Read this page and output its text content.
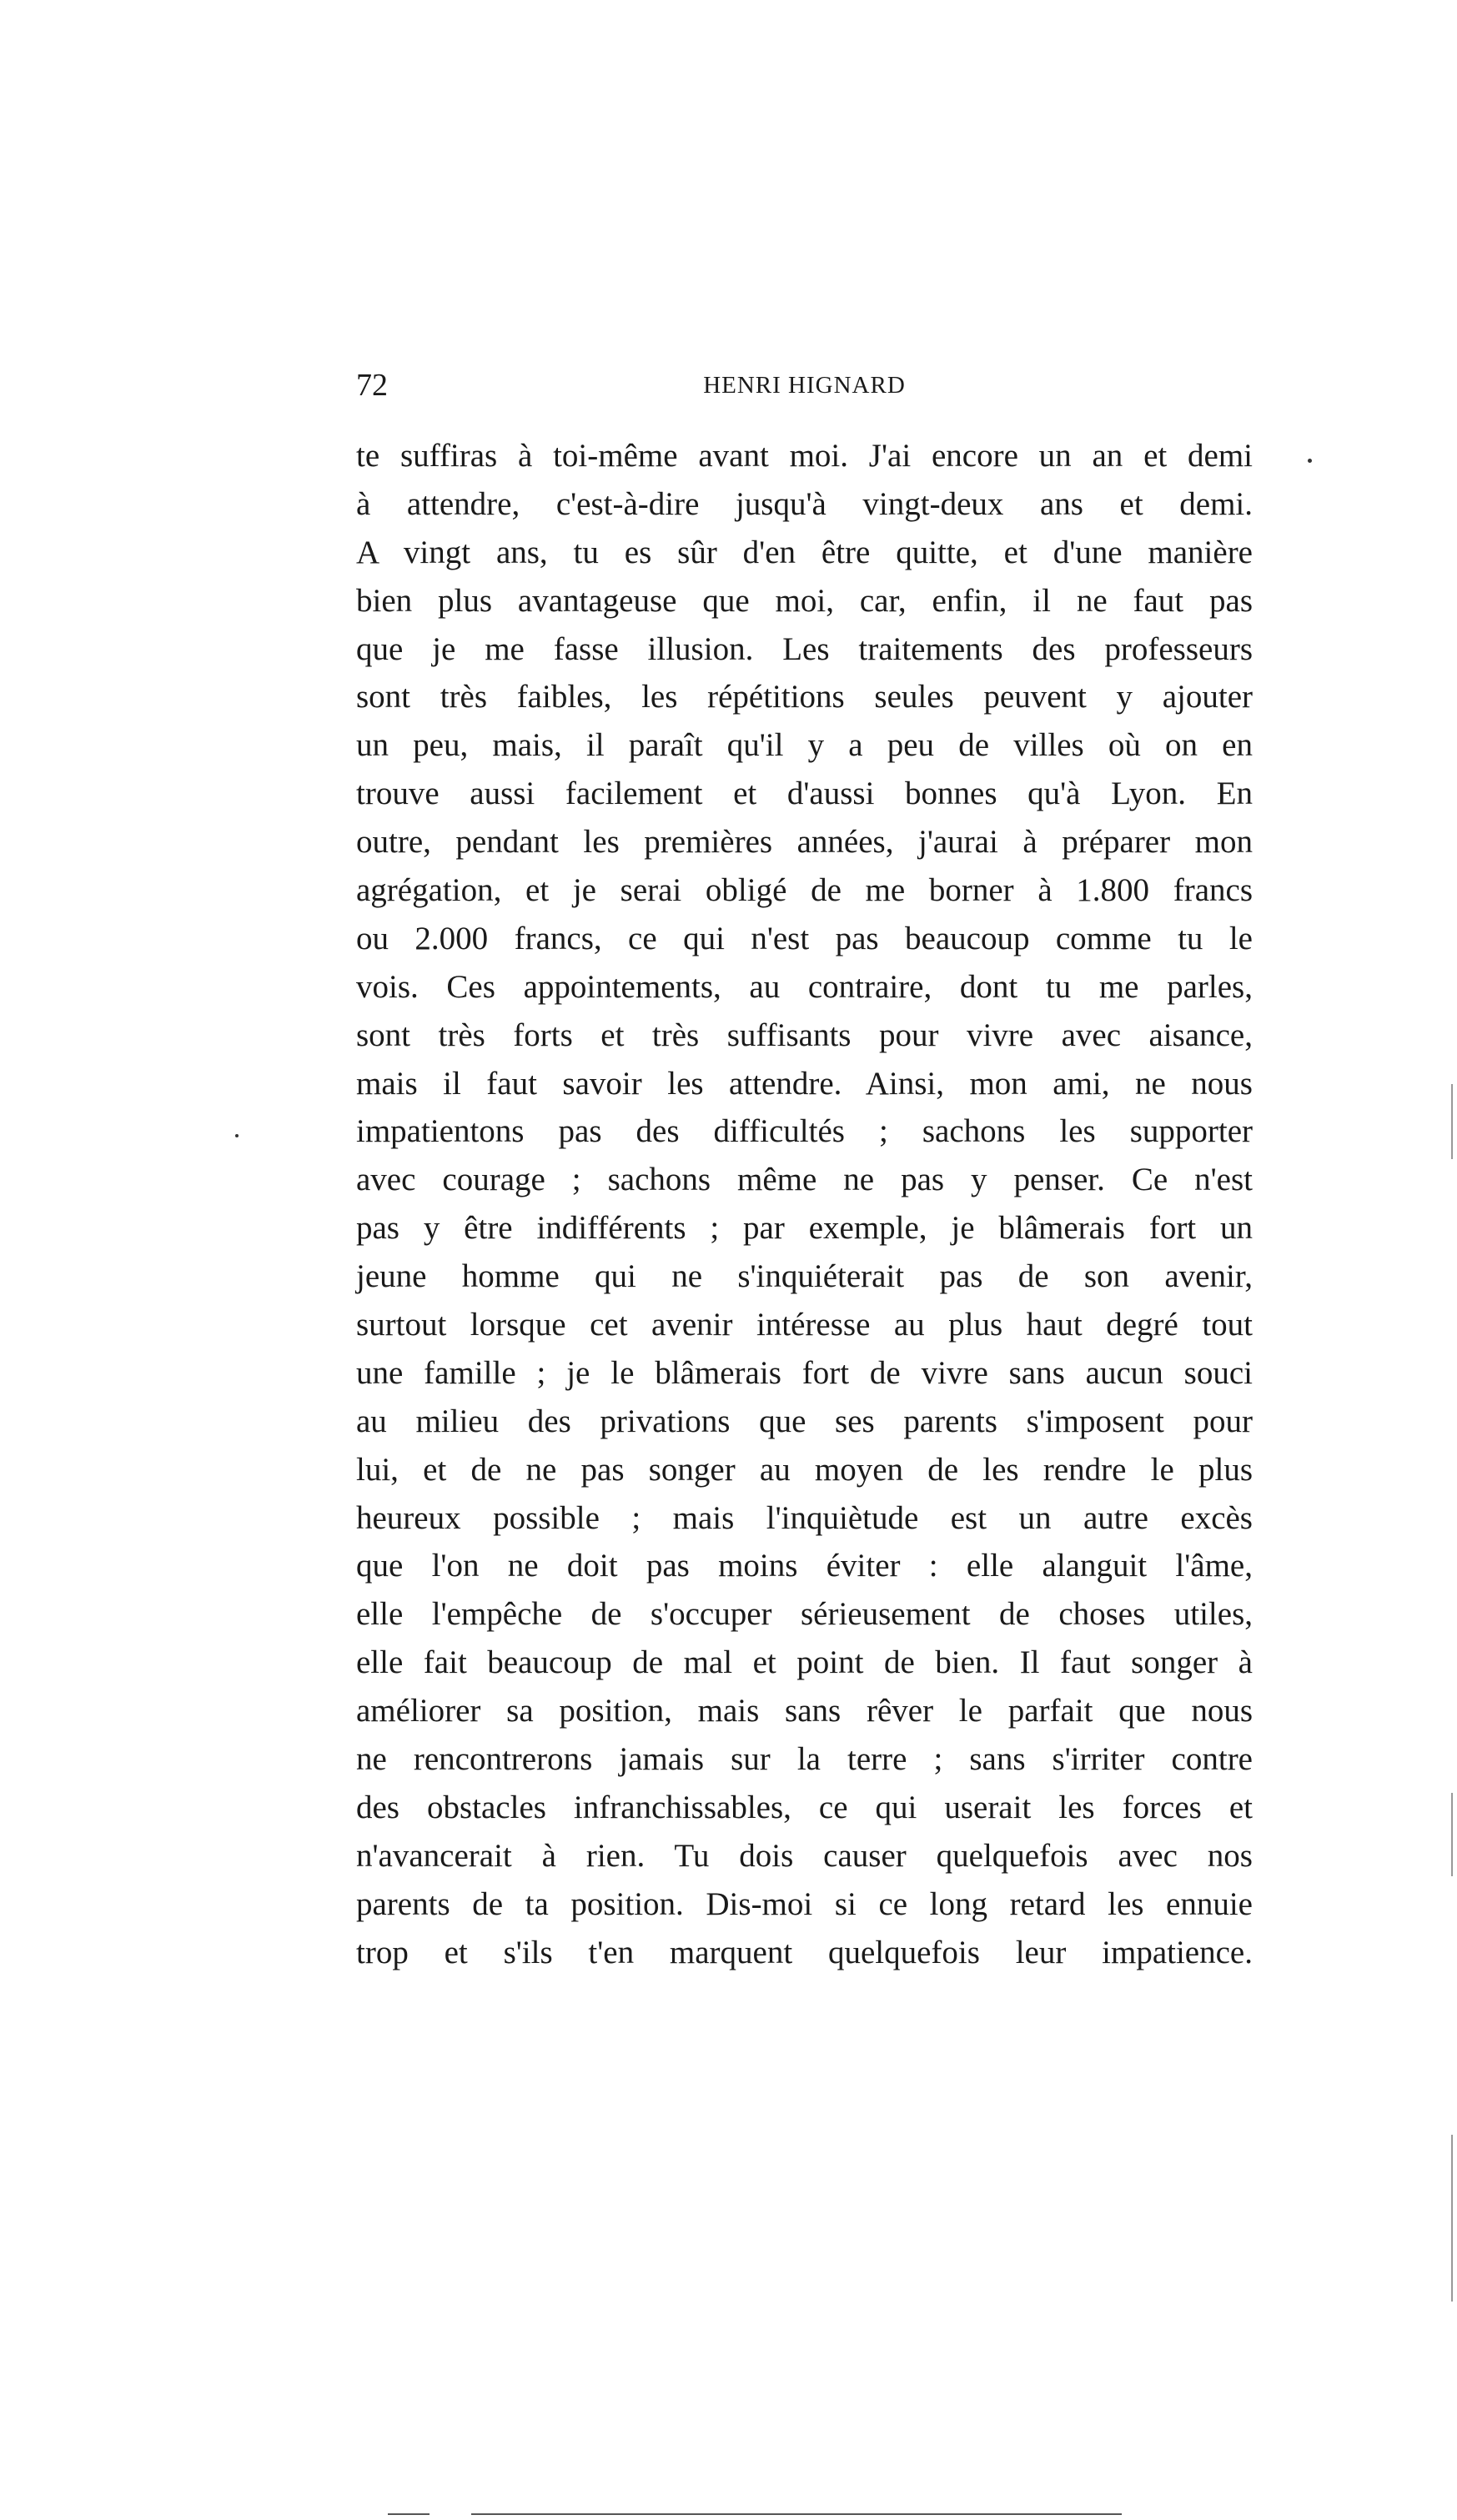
72	HENRI HIGNARD
te suffiras à toi-même avant moi. J'ai encore un an et demi
à attendre, c'est-à-dire jusqu'à vingt-deux ans et demi.
A vingt ans, tu es sûr d'en être quitte, et d'une manière
bien plus avantageuse que moi, car, enfin, il ne faut pas
que je me fasse illusion. Les traitements des professeurs
sont très faibles, les répétitions seules peuvent y ajouter
un peu, mais, il paraît qu'il y a peu de villes où on en
trouve aussi facilement et d'aussi bonnes qu'à Lyon. En
outre, pendant les premières années, j'aurai à préparer mon
agrégation, et je serai obligé de me borner à 1.800 francs
ou 2.000 francs, ce qui n'est pas beaucoup comme tu le
vois. Ces appointements, au contraire, dont tu me parles,
sont très forts et très suffisants pour vivre avec aisance,
mais il faut savoir les attendre. Ainsi, mon ami, ne nous
impatientons pas des difficultés ; sachons les supporter
avec courage ; sachons même ne pas y penser. Ce n'est
pas y être indifférents ; par exemple, je blâmerais fort un
jeune homme qui ne s'inquiéterait pas de son avenir,
surtout lorsque cet avenir intéresse au plus haut degré tout
une famille ; je le blâmerais fort de vivre sans aucun souci
au milieu des privations que ses parents s'imposent pour
lui, et de ne pas songer au moyen de les rendre le plus
heureux possible ; mais l'inquiètude est un autre excès
que l'on ne doit pas moins éviter : elle alanguit l'âme,
elle l'empêche de s'occuper sérieusement de choses utiles,
elle fait beaucoup de mal et point de bien. Il faut songer à
améliorer sa position, mais sans rêver le parfait que nous
ne rencontrerons jamais sur la terre ; sans s'irriter contre
des obstacles infranchissables, ce qui userait les forces et
n'avancerait à rien. Tu dois causer quelquefois avec nos
parents de ta position. Dis-moi si ce long retard les ennuie
trop et s'ils t'en marquent quelquefois leur impatience.
